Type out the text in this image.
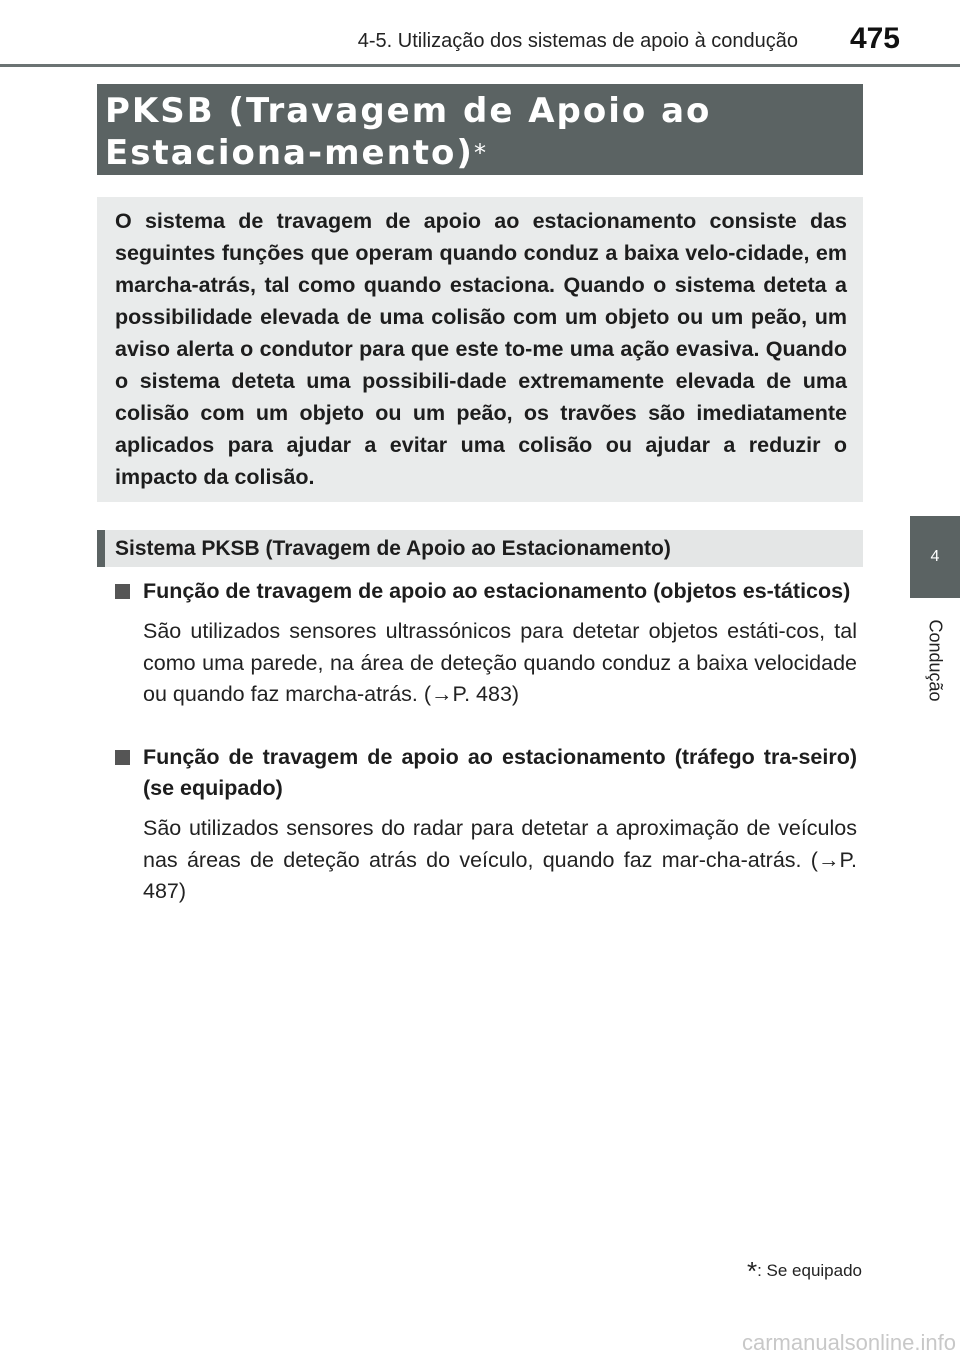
4-5. Utilização dos sistemas de apoio à condução	475
4
Condução
PKSB (Travagem de Apoio ao Estaciona-mento)*
O sistema de travagem de apoio ao estacionamento consiste das seguintes funções que operam quando conduz a baixa velo-cidade, em marcha-atrás, tal como quando estaciona. Quando o sistema deteta a possibilidade elevada de uma colisão com um objeto ou um peão, um aviso alerta o condutor para que este to-me uma ação evasiva. Quando o sistema deteta uma possibili-dade extremamente elevada de uma colisão com um objeto ou um peão, os travões são imediatamente aplicados para ajudar a evitar uma colisão ou ajudar a reduzir o impacto da colisão.
Sistema PKSB (Travagem de Apoio ao Estacionamento)
Função de travagem de apoio ao estacionamento (objetos es-táticos)
São utilizados sensores ultrassónicos para detetar objetos estáti-cos, tal como uma parede, na área de deteção quando conduz a baixa velocidade ou quando faz marcha-atrás. (→P. 483)
Função de travagem de apoio ao estacionamento (tráfego tra-seiro) (se equipado)
São utilizados sensores do radar para detetar a aproximação de veículos nas áreas de deteção atrás do veículo, quando faz mar-cha-atrás. (→P. 487)
*: Se equipado
carmanualsonline.info
